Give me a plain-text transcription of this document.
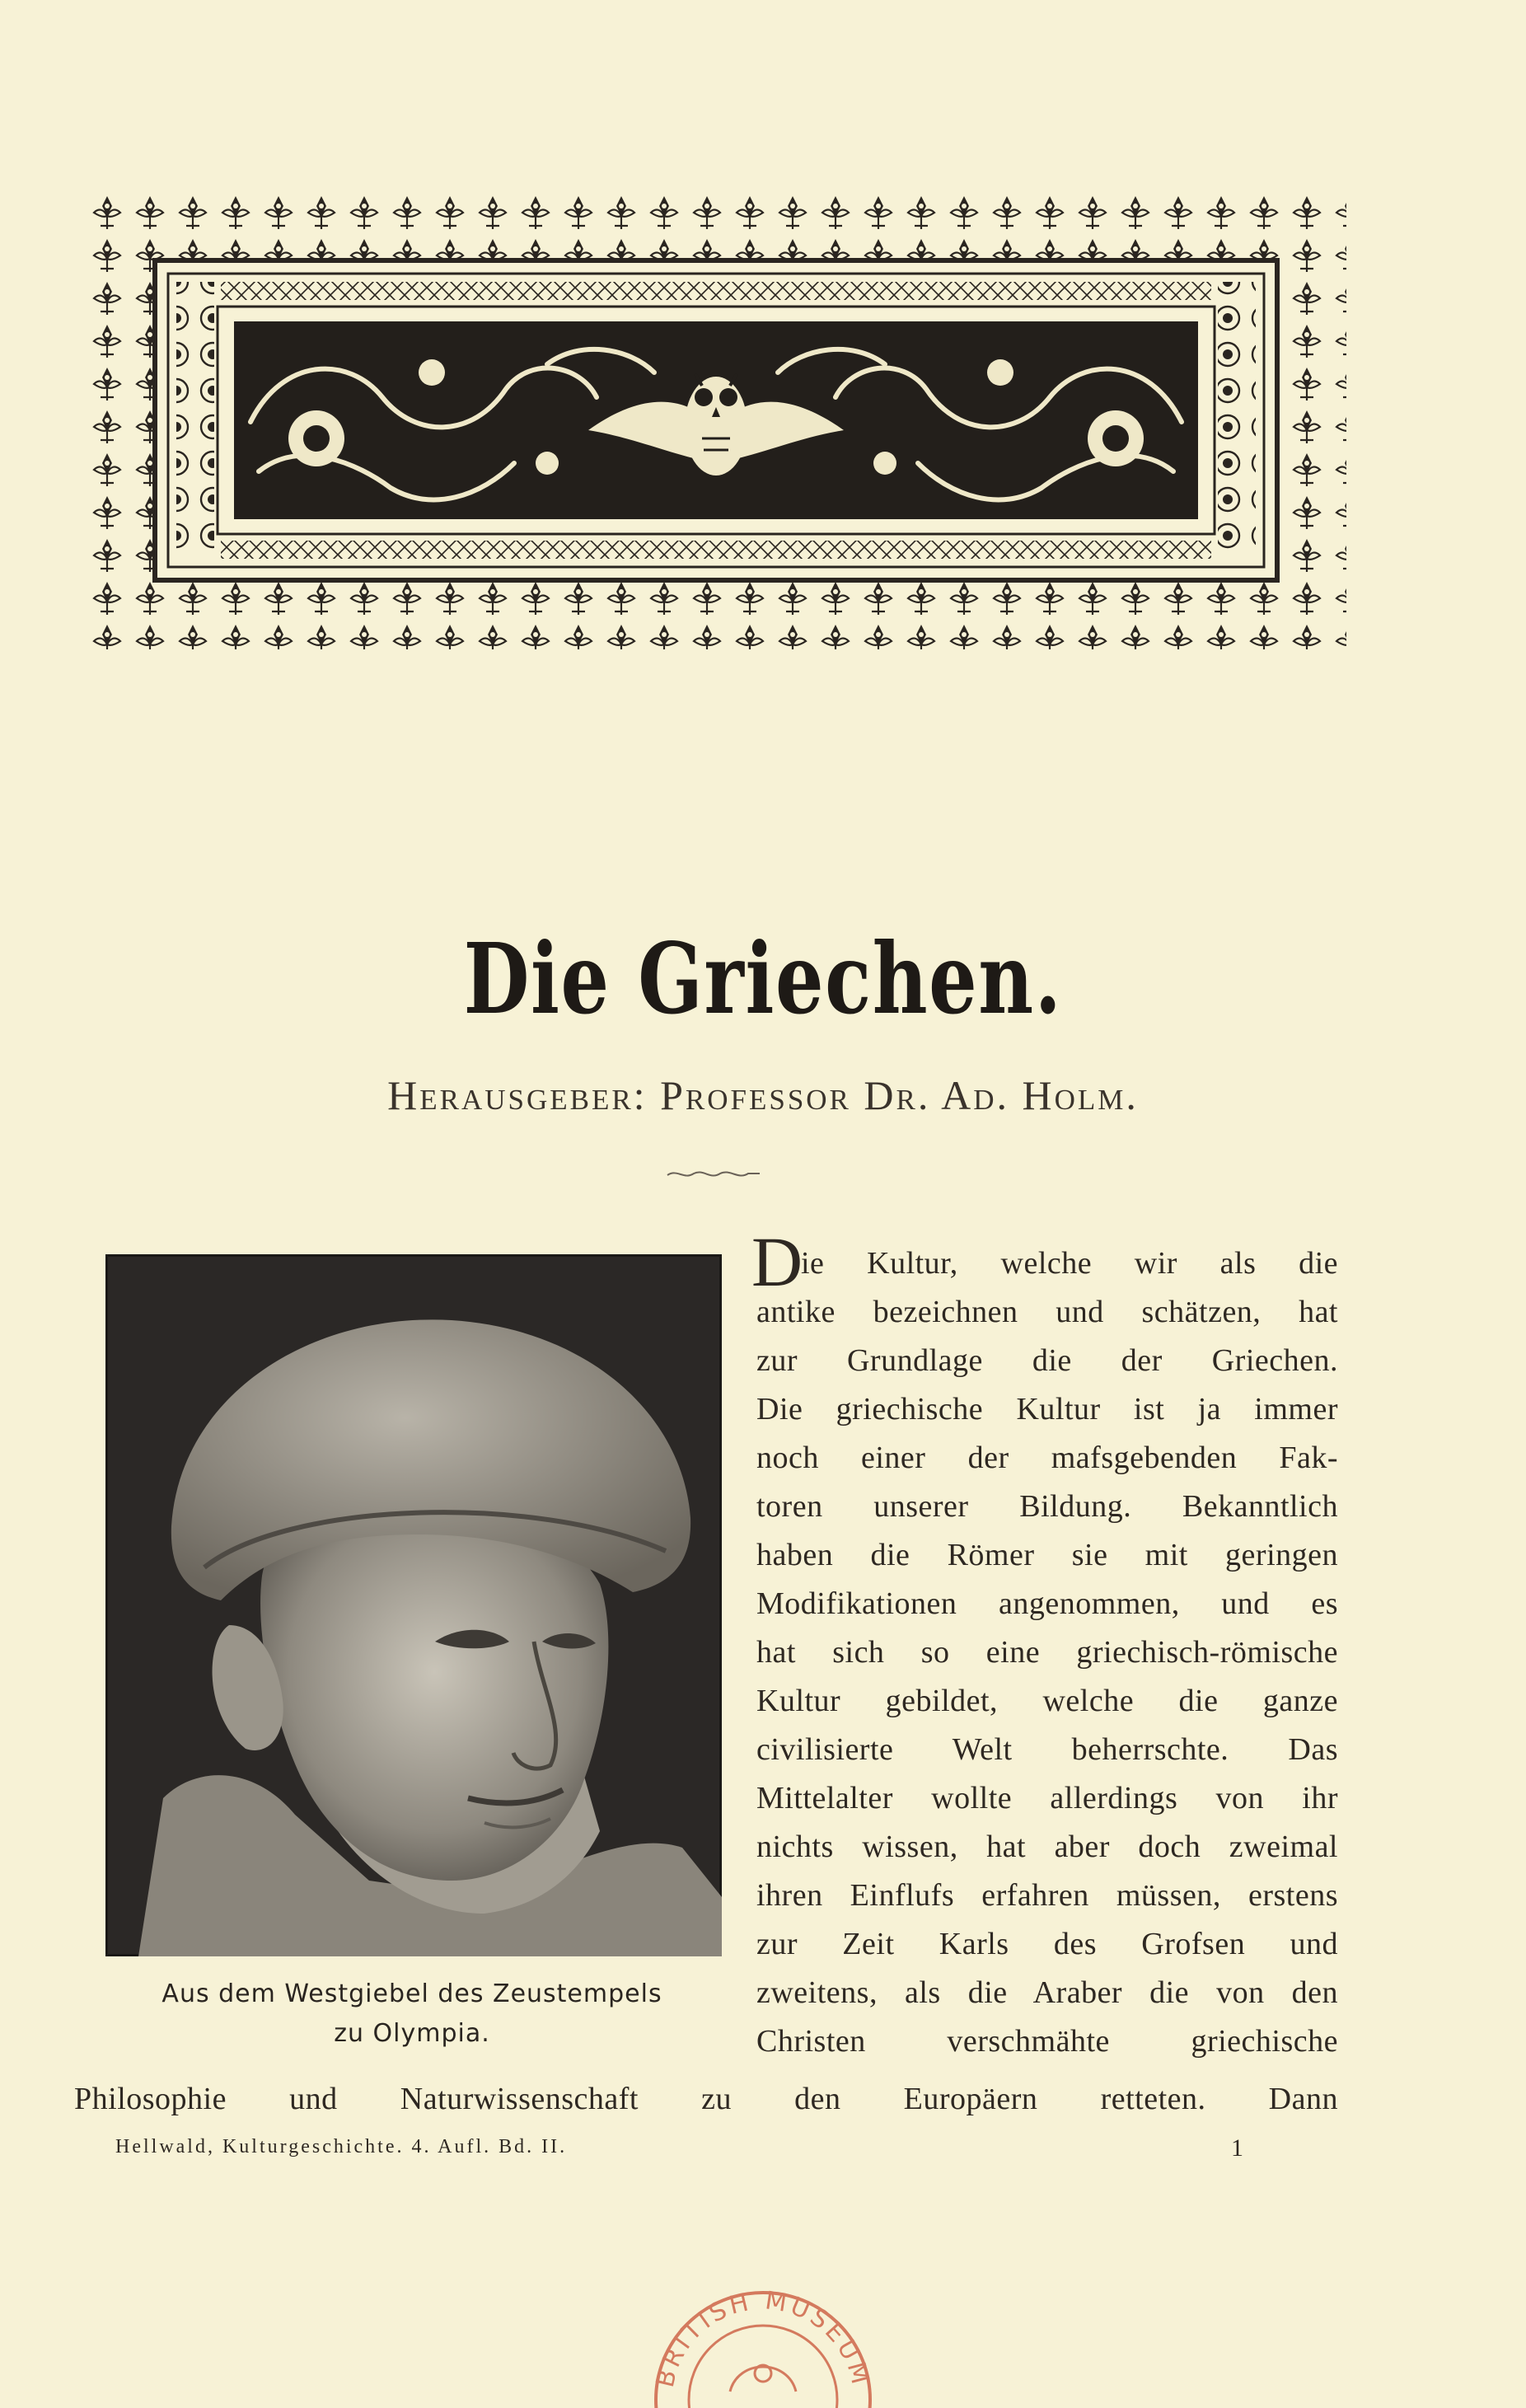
Die Griechen.
Herausgeber: Professor Dr. Ad. Holm.
Aus dem Westgiebel des Zeustempels
zu Olympia.
D
ie Kultur, welche wir als die
antike bezeichnen und schätzen, hat
zur Grundlage die der Griechen.
Die griechische Kultur ist ja immer
noch einer der mafsgebenden Fak-
toren unserer Bildung. Bekanntlich
haben die Römer sie mit geringen
Modifikationen angenommen, und es
hat sich so eine griechisch-römische
Kultur gebildet, welche die ganze
civilisierte Welt beherrschte. Das
Mittelalter wollte allerdings von ihr
nichts wissen, hat aber doch zweimal
ihren Einflufs erfahren müssen, erstens
zur Zeit Karls des Grofsen und
zweitens, als die Araber die von den
Christen verschmähte griechische
Philosophie und Naturwissenschaft zu den Europäern retteten. Dann
Hellwald, Kulturgeschichte. 4. Aufl. Bd. II.	1
BRITISH MUSEUM
